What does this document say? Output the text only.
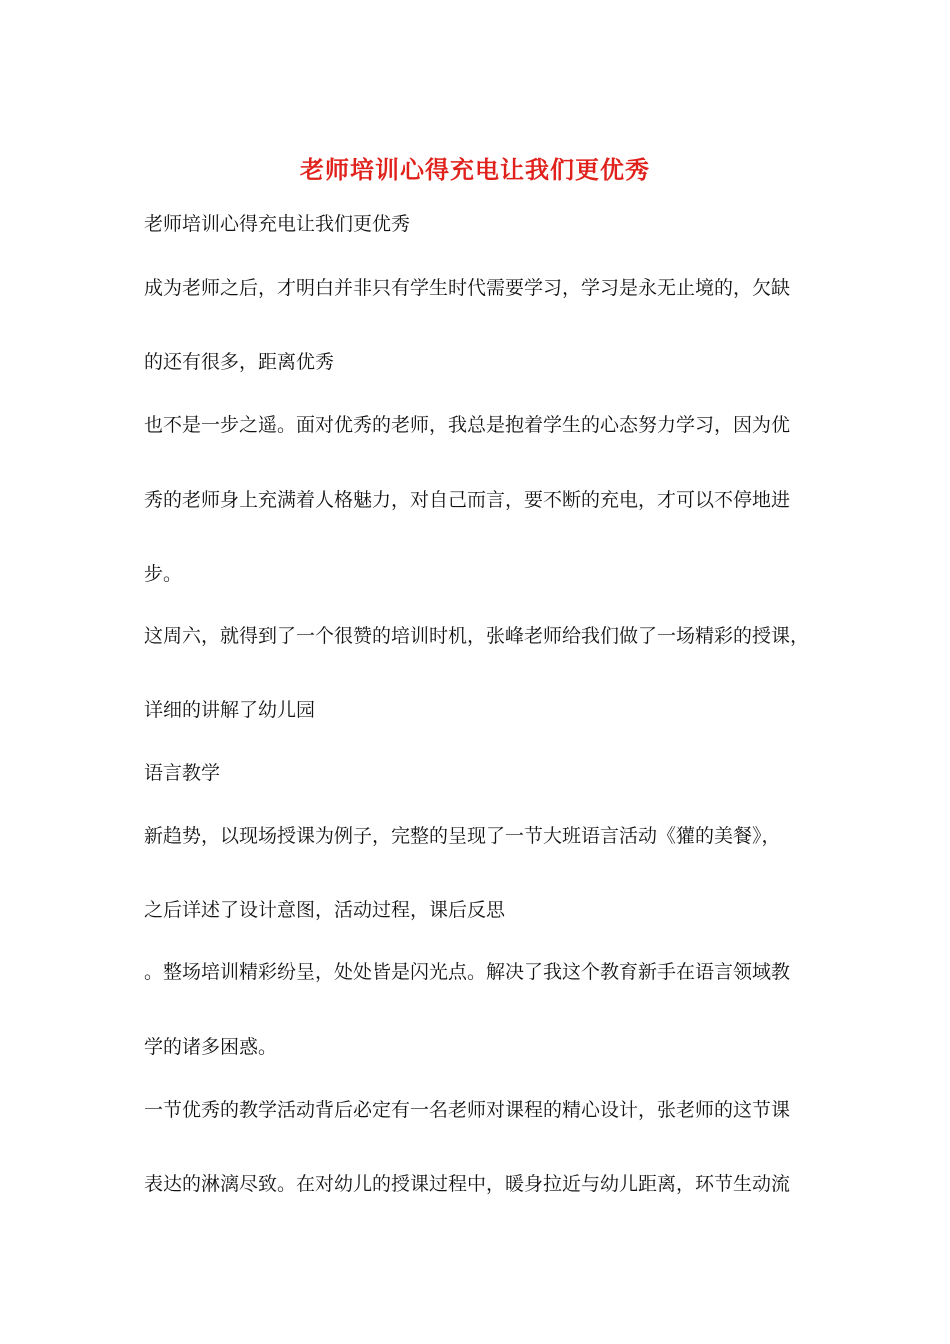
老师培训心得充电让我们更优秀
老师培训心得充电让我们更优秀
成为老师之后，才明白并非只有学生时代需要学习，学习是永无止境的，欠缺
的还有很多，距离优秀
也不是一步之遥。面对优秀的老师，我总是抱着学生的心态努力学习，因为优
秀的老师身上充满着人格魅力，对自己而言，要不断的充电，才可以不停地进
步。
这周六，就得到了一个很赞的培训时机，张峰老师给我们做了一场精彩的授课，
详细的讲解了幼儿园
语言教学
新趋势，以现场授课为例子，完整的呈现了一节大班语言活动《獾的美餐》，
之后详述了设计意图，活动过程，课后反思
。整场培训精彩纷呈，处处皆是闪光点。解决了我这个教育新手在语言领域教
学的诸多困惑。
一节优秀的教学活动背后必定有一名老师对课程的精心设计，张老师的这节课
表达的淋漓尽致。在对幼儿的授课过程中，暖身拉近与幼儿距离，环节生动流
